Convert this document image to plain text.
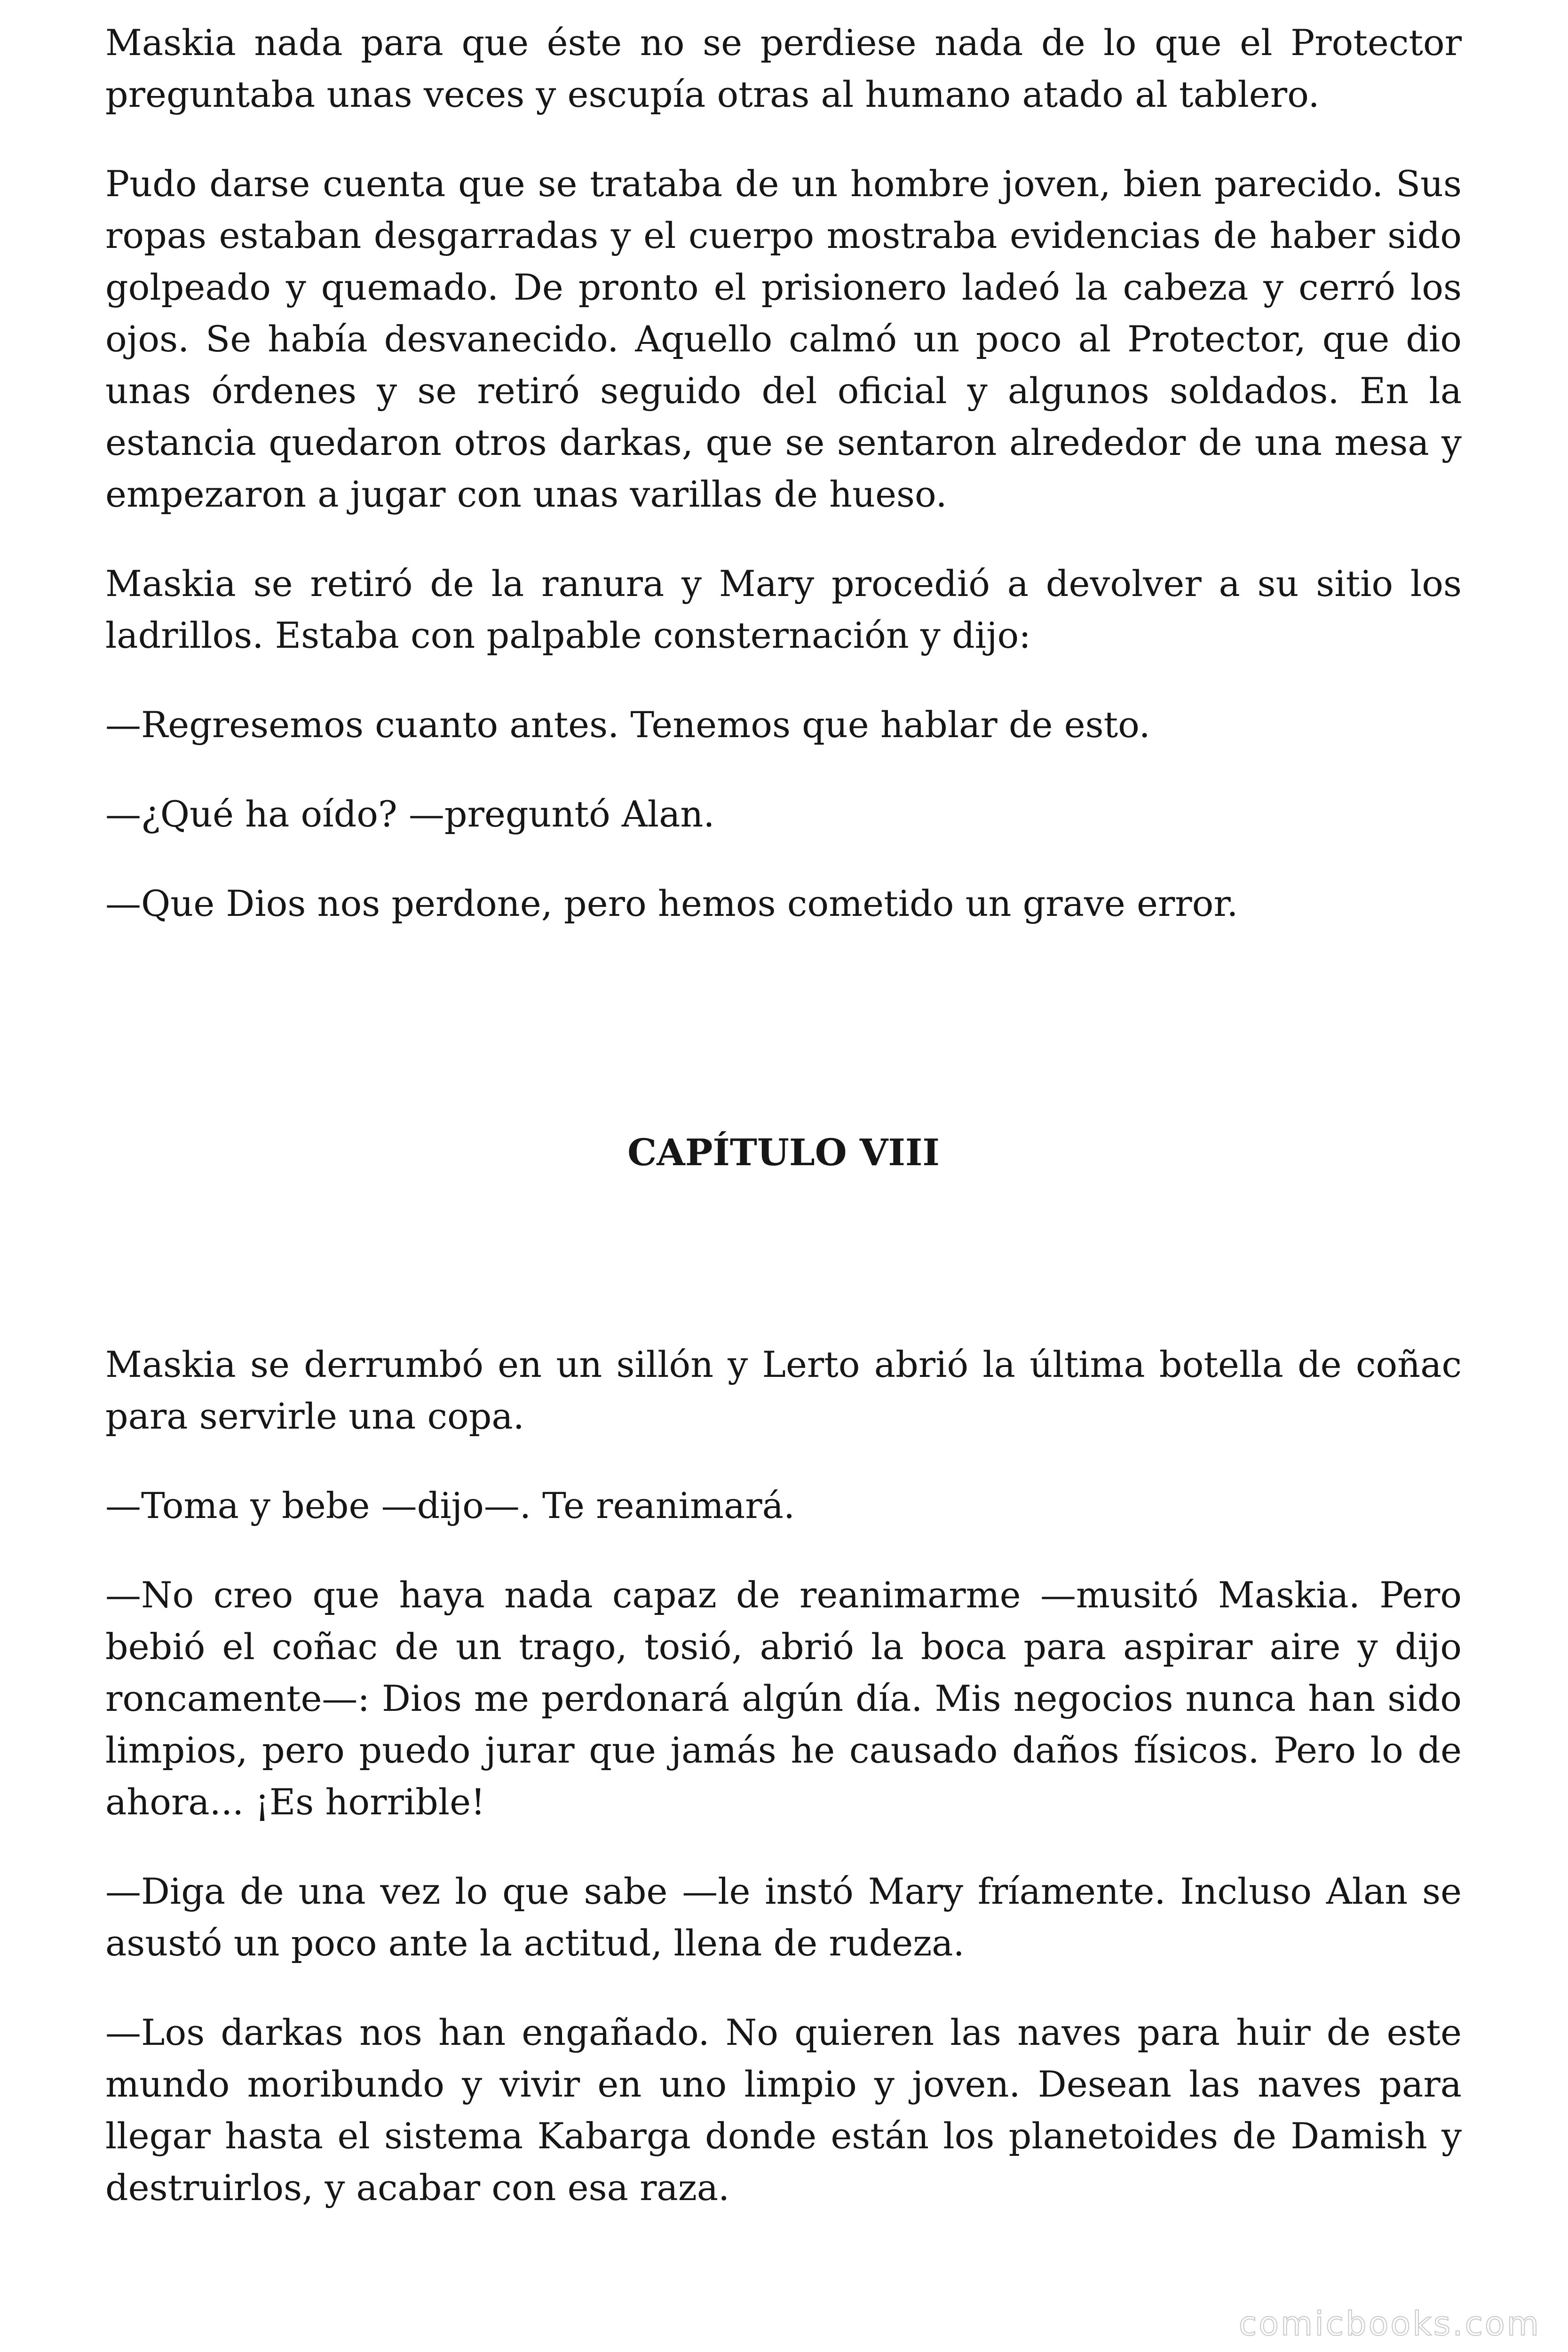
Maskia nada para que éste no se perdiese nada de lo que el Protector preguntaba unas veces y escupía otras al humano atado al tablero.

Pudo darse cuenta que se trataba de un hombre joven, bien parecido. Sus ropas estaban desgarradas y el cuerpo mostraba evidencias de haber sido golpeado y quemado. De pronto el prisionero ladeó la cabeza y cerró los ojos. Se había desvanecido. Aquello calmó un poco al Protector, que dio unas órdenes y se retiró seguido del oficial y algunos soldados. En la estancia quedaron otros darkas, que se sentaron alrededor de una mesa y empezaron a jugar con unas varillas de hueso.

Maskia se retiró de la ranura y Mary procedió a devolver a su sitio los ladrillos. Estaba con palpable consternación y dijo:

—Regresemos cuanto antes. Tenemos que hablar de esto.

—¿Qué ha oído? —preguntó Alan.

—Que Dios nos perdone, pero hemos cometido un grave error.

CAPÍTULO VIII

Maskia se derrumbó en un sillón y Lerto abrió la última botella de coñac para servirle una copa.

—Toma y bebe —dijo—. Te reanimará.

—No creo que haya nada capaz de reanimarme —musitó Maskia. Pero bebió el coñac de un trago, tosió, abrió la boca para aspirar aire y dijo roncamente—: Dios me perdonará algún día. Mis negocios nunca han sido limpios, pero puedo jurar que jamás he causado daños físicos. Pero lo de ahora... ¡Es horrible!

—Diga de una vez lo que sabe —le instó Mary fríamente. Incluso Alan se asustó un poco ante la actitud, llena de rudeza.

—Los darkas nos han engañado. No quieren las naves para huir de este mundo moribundo y vivir en uno limpio y joven. Desean las naves para llegar hasta el sistema Kabarga donde están los planetoides de Damish y destruirlos, y acabar con esa raza.

comicbooks.com
